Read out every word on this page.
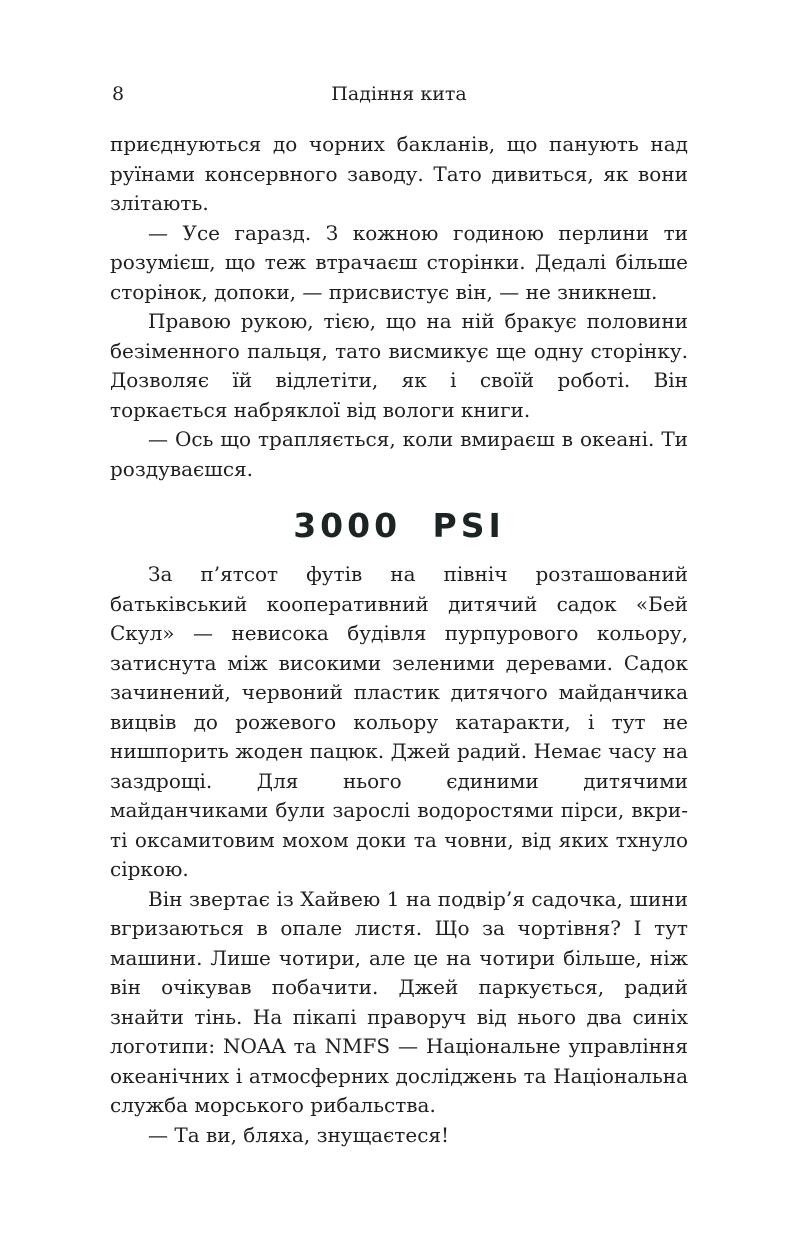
8	Падіння кита

приєднуються до чорних бакланів, що панують над руїнами консервного заводу. Тато дивиться, як вони злітають.

— Усе гаразд. З кожною годиною перлини ти розумієш, що теж втрачаєш сторінки. Дедалі більше сторінок, допоки, — присвистує він, — не зникнеш.

Правою рукою, тією, що на ній бракує половини безіменного пальця, тато висмикує ще одну сторінку. Дозволяє їй відлетіти, як і своїй роботі. Він торкається набряклої від вологи книги.

— Ось що трапляється, коли вмираєш в океані. Ти роздуваєшся.

3000 PSI

За п’ятсот футів на північ розташований батьківський кооперативний дитячий садок «Бей Скул» — невисока будівля пурпурового кольору, затиснута між високими зеленими деревами. Садок зачинений, червоний пластик дитячого майданчика вицвів до рожевого кольору катаракти, і тут не нишпорить жоден пацюк. Джей радий. Немає часу на заздрощі. Для нього єдиними дитячими майданчиками були зарослі водоростями пірси, вкриті оксамитовим мохом доки та човни, від яких тхнуло сіркою.

Він звертає із Хайвею 1 на подвір’я садочка, шини вгризаються в опале листя. Що за чортівня? І тут машини. Лише чотири, але це на чотири більше, ніж він очікував побачити. Джей паркується, радий знайти тінь. На пікапі праворуч від нього два синіх логотипи: NOAA та NMFS — Національне управління океанічних і атмосферних досліджень та Національна служба морського рибальства.

— Та ви, бляха, знущаєтеся!
